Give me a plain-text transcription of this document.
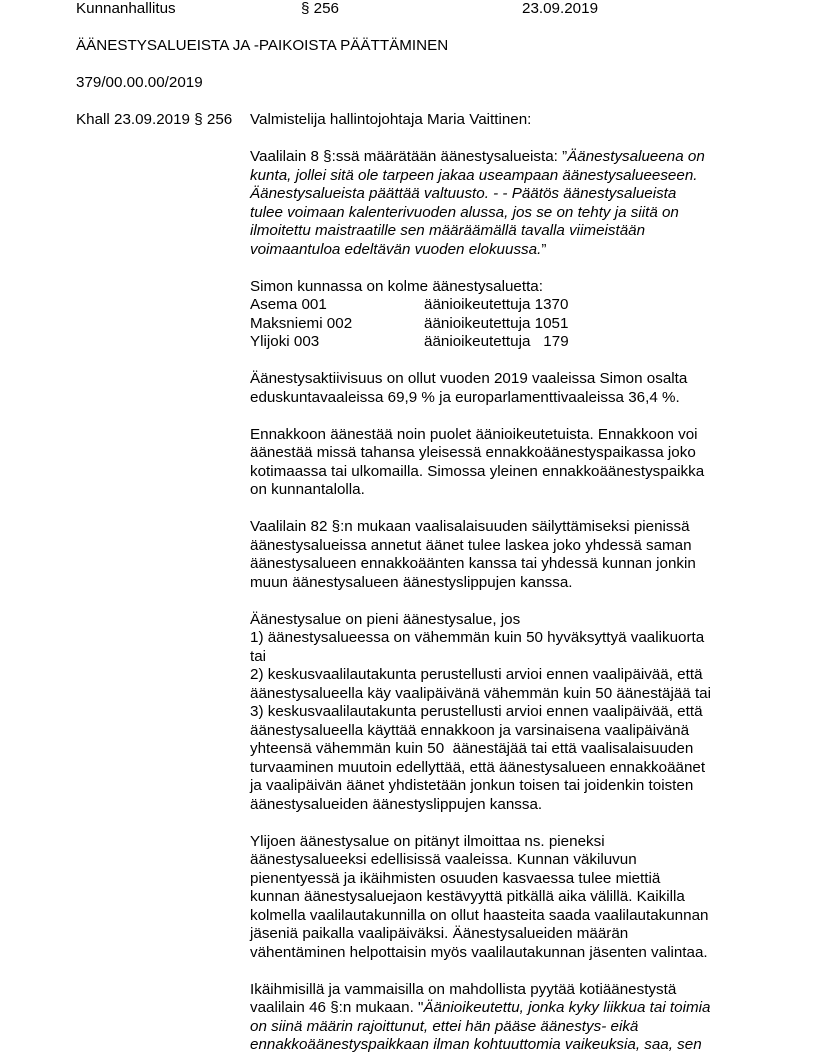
Kunnanhallitus	§ 256	23.09.2019
ÄÄNESTYSALUEISTA JA -PAIKOISTA PÄÄTTÄMINEN
379/00.00.00/2019
Khall 23.09.2019 § 256 Valmistelija hallintojohtaja Maria Vaittinen:
Vaalilain 8 §:ssä määrätään äänestysalueista: ”Äänestysalueena on
kunta, jollei sitä ole tarpeen jakaa useampaan äänestysalueeseen.
Äänestysalueista päättää valtuusto. - - Päätös äänestysalueista
tulee voimaan kalenterivuoden alussa, jos se on tehty ja siitä on
ilmoitettu maistraatille sen määräämällä tavalla viimeistään
voimaantuloa edeltävän vuoden elokuussa.”
Simon kunnassa on kolme äänestysaluetta:
Asema 001	äänioikeutettuja 1370
Maksniemi 002	äänioikeutettuja 1051
Ylijoki 003	äänioikeutettuja 179
Äänestysaktiivisuus on ollut vuoden 2019 vaaleissa Simon osalta
eduskuntavaaleissa 69,9 % ja europarlamenttivaaleissa 36,4 %.
Ennakkoon äänestää noin puolet äänioikeutetuista. Ennakkoon voi
äänestää missä tahansa yleisessä ennakkoäänestyspaikassa joko
kotimaassa tai ulkomailla. Simossa yleinen ennakkoäänestyspaikka
on kunnantalolla.
Vaalilain 82 §:n mukaan vaalisalaisuuden säilyttämiseksi pienissä
äänestysalueissa annetut äänet tulee laskea joko yhdessä saman
äänestysalueen ennakkoäänten kanssa tai yhdessä kunnan jonkin
muun äänestysalueen äänestyslippujen kanssa.
Äänestysalue on pieni äänestysalue, jos
1) äänestysalueessa on vähemmän kuin 50 hyväksyttyä vaalikuorta
tai
2) keskusvaalilautakunta perustellusti arvioi ennen vaalipäivää, että
äänestysalueella käy vaalipäivänä vähemmän kuin 50 äänestäjää tai
3) keskusvaalilautakunta perustellusti arvioi ennen vaalipäivää, että
äänestysalueella käyttää ennakkoon ja varsinaisena vaalipäivänä
yhteensä vähemmän kuin 50  äänestäjää tai että vaalisalaisuuden
turvaaminen muutoin edellyttää, että äänestysalueen ennakkoäänet
ja vaalipäivän äänet yhdistetään jonkun toisen tai joidenkin toisten
äänestysalueiden äänestyslippujen kanssa.
Ylijoen äänestysalue on pitänyt ilmoittaa ns. pieneksi
äänestysalueeksi edellisissä vaaleissa. Kunnan väkiluvun
pienentyessä ja ikäihmisten osuuden kasvaessa tulee miettiä
kunnan äänestysaluejaon kestävyyttä pitkällä aika välillä. Kaikilla
kolmella vaalilautakunnilla on ollut haasteita saada vaalilautakunnan
jäseniä paikalla vaalipäiväksi. Äänestysalueiden määrän
vähentäminen helpottaisin myös vaalilautakunnan jäsenten valintaa.
Ikäihmisillä ja vammaisilla on mahdollista pyytää kotiäänestystä
vaalilain 46 §:n mukaan. "Äänioikeutettu, jonka kyky liikkua tai toimia
on siinä määrin rajoittunut, ettei hän pääse äänestys- eikä
ennakkoäänestyspaikkaan ilman kohtuuttomia vaikeuksia, saa, sen
